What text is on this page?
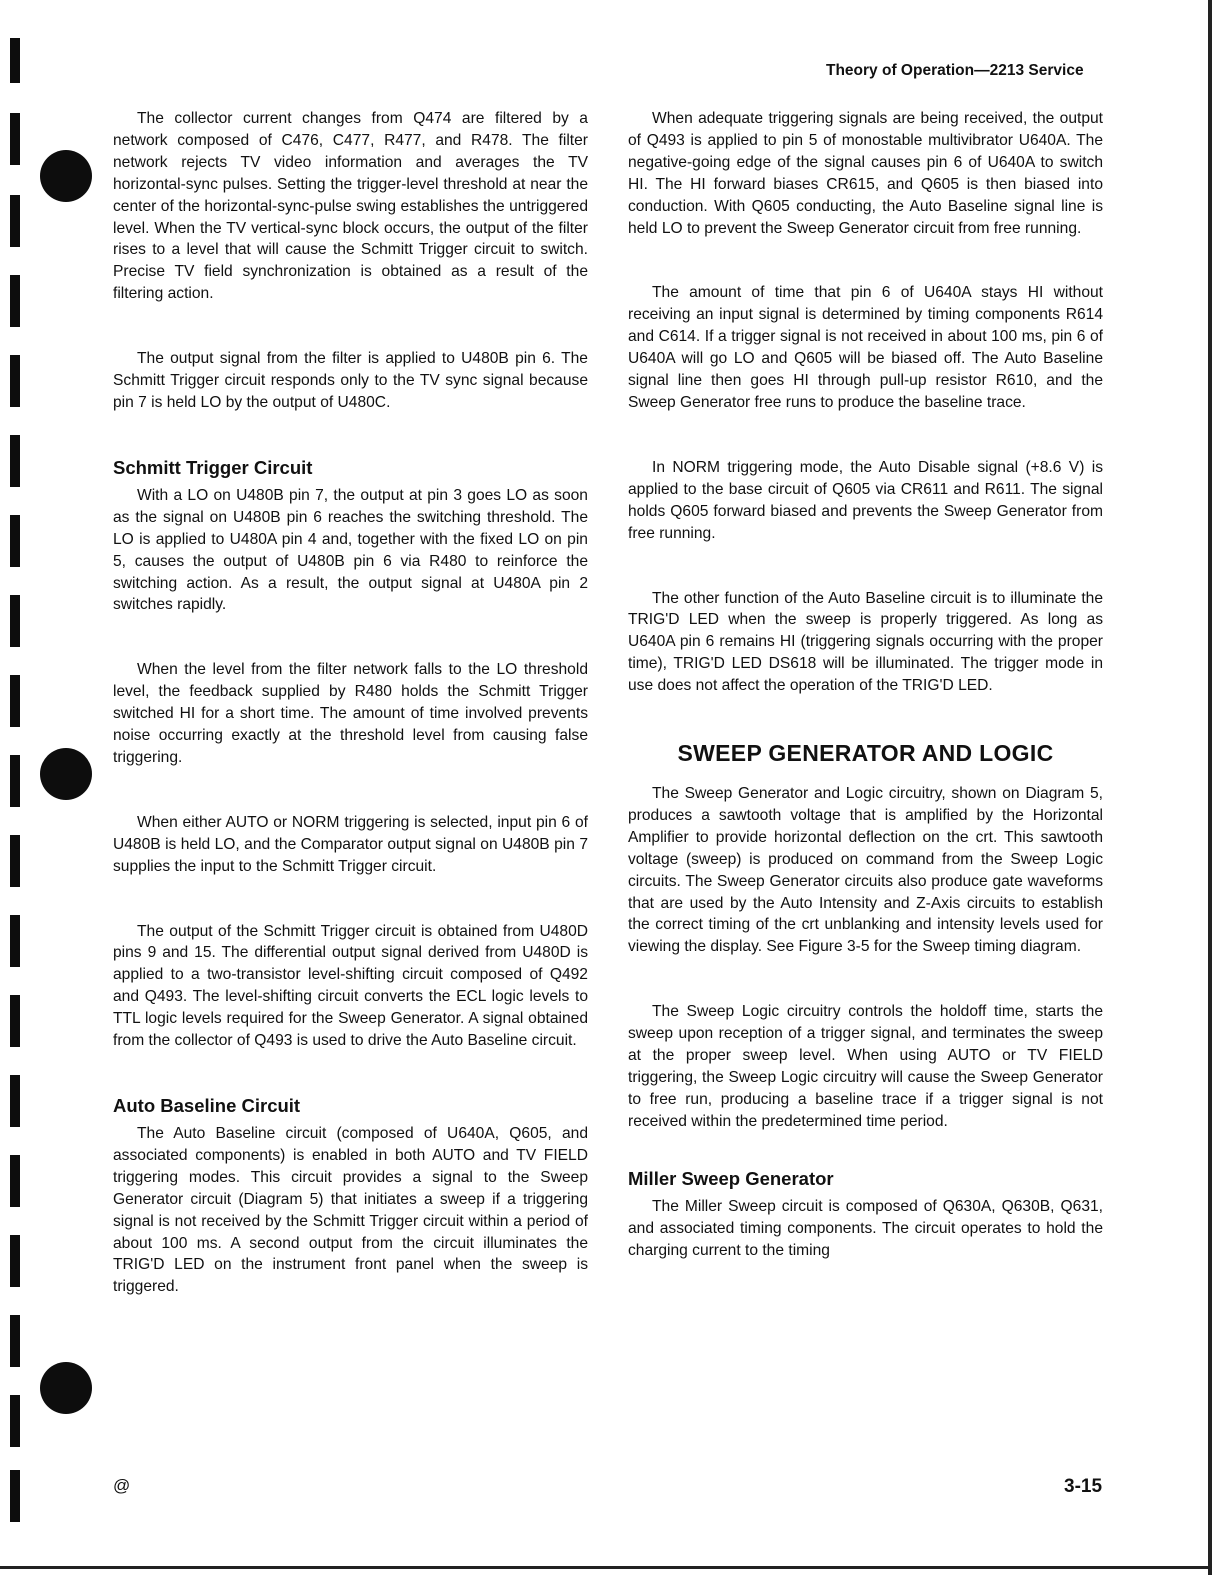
Theory of Operation—2213 Service

The collector current changes from Q474 are filtered by a network composed of C476, C477, R477, and R478. The filter network rejects TV video information and averages the TV horizontal-sync pulses. Setting the trigger-level threshold at near the center of the horizontal-sync-pulse swing establishes the untriggered level. When the TV vertical-sync block occurs, the output of the filter rises to a level that will cause the Schmitt Trigger circuit to switch. Precise TV field synchronization is obtained as a result of the filtering action.

The output signal from the filter is applied to U480B pin 6. The Schmitt Trigger circuit responds only to the TV sync signal because pin 7 is held LO by the output of U480C.

Schmitt Trigger Circuit

With a LO on U480B pin 7, the output at pin 3 goes LO as soon as the signal on U480B pin 6 reaches the switching threshold. The LO is applied to U480A pin 4 and, together with the fixed LO on pin 5, causes the output of U480B pin 6 via R480 to reinforce the switching action. As a result, the output signal at U480A pin 2 switches rapidly.

When the level from the filter network falls to the LO threshold level, the feedback supplied by R480 holds the Schmitt Trigger switched HI for a short time. The amount of time involved prevents noise occurring exactly at the threshold level from causing false triggering.

When either AUTO or NORM triggering is selected, input pin 6 of U480B is held LO, and the Comparator output signal on U480B pin 7 supplies the input to the Schmitt Trigger circuit.

The output of the Schmitt Trigger circuit is obtained from U480D pins 9 and 15. The differential output signal derived from U480D is applied to a two-transistor level-shifting circuit composed of Q492 and Q493. The level-shifting circuit converts the ECL logic levels to TTL logic levels required for the Sweep Generator. A signal obtained from the collector of Q493 is used to drive the Auto Baseline circuit.

Auto Baseline Circuit

The Auto Baseline circuit (composed of U640A, Q605, and associated components) is enabled in both AUTO and TV FIELD triggering modes. This circuit provides a signal to the Sweep Generator circuit (Diagram 5) that initiates a sweep if a triggering signal is not received by the Schmitt Trigger circuit within a period of about 100 ms. A second output from the circuit illuminates the TRIG'D LED on the instrument front panel when the sweep is triggered.

When adequate triggering signals are being received, the output of Q493 is applied to pin 5 of monostable multivibrator U640A. The negative-going edge of the signal causes pin 6 of U640A to switch HI. The HI forward biases CR615, and Q605 is then biased into conduction. With Q605 conducting, the Auto Baseline signal line is held LO to prevent the Sweep Generator circuit from free running.

The amount of time that pin 6 of U640A stays HI without receiving an input signal is determined by timing components R614 and C614. If a trigger signal is not received in about 100 ms, pin 6 of U640A will go LO and Q605 will be biased off. The Auto Baseline signal line then goes HI through pull-up resistor R610, and the Sweep Generator free runs to produce the baseline trace.

In NORM triggering mode, the Auto Disable signal (+8.6 V) is applied to the base circuit of Q605 via CR611 and R611. The signal holds Q605 forward biased and prevents the Sweep Generator from free running.

The other function of the Auto Baseline circuit is to illuminate the TRIG'D LED when the sweep is properly triggered. As long as U640A pin 6 remains HI (triggering signals occurring with the proper time), TRIG'D LED DS618 will be illuminated. The trigger mode in use does not affect the operation of the TRIG'D LED.

SWEEP GENERATOR AND LOGIC

The Sweep Generator and Logic circuitry, shown on Diagram 5, produces a sawtooth voltage that is amplified by the Horizontal Amplifier to provide horizontal deflection on the crt. This sawtooth voltage (sweep) is produced on command from the Sweep Logic circuits. The Sweep Generator circuits also produce gate waveforms that are used by the Auto Intensity and Z-Axis circuits to establish the correct timing of the crt unblanking and intensity levels used for viewing the display. See Figure 3-5 for the Sweep timing diagram.

The Sweep Logic circuitry controls the holdoff time, starts the sweep upon reception of a trigger signal, and terminates the sweep at the proper sweep level. When using AUTO or TV FIELD triggering, the Sweep Logic circuitry will cause the Sweep Generator to free run, producing a baseline trace if a trigger signal is not received within the predetermined time period.

Miller Sweep Generator

The Miller Sweep circuit is composed of Q630A, Q630B, Q631, and associated timing components. The circuit operates to hold the charging current to the timing

@	3-15
